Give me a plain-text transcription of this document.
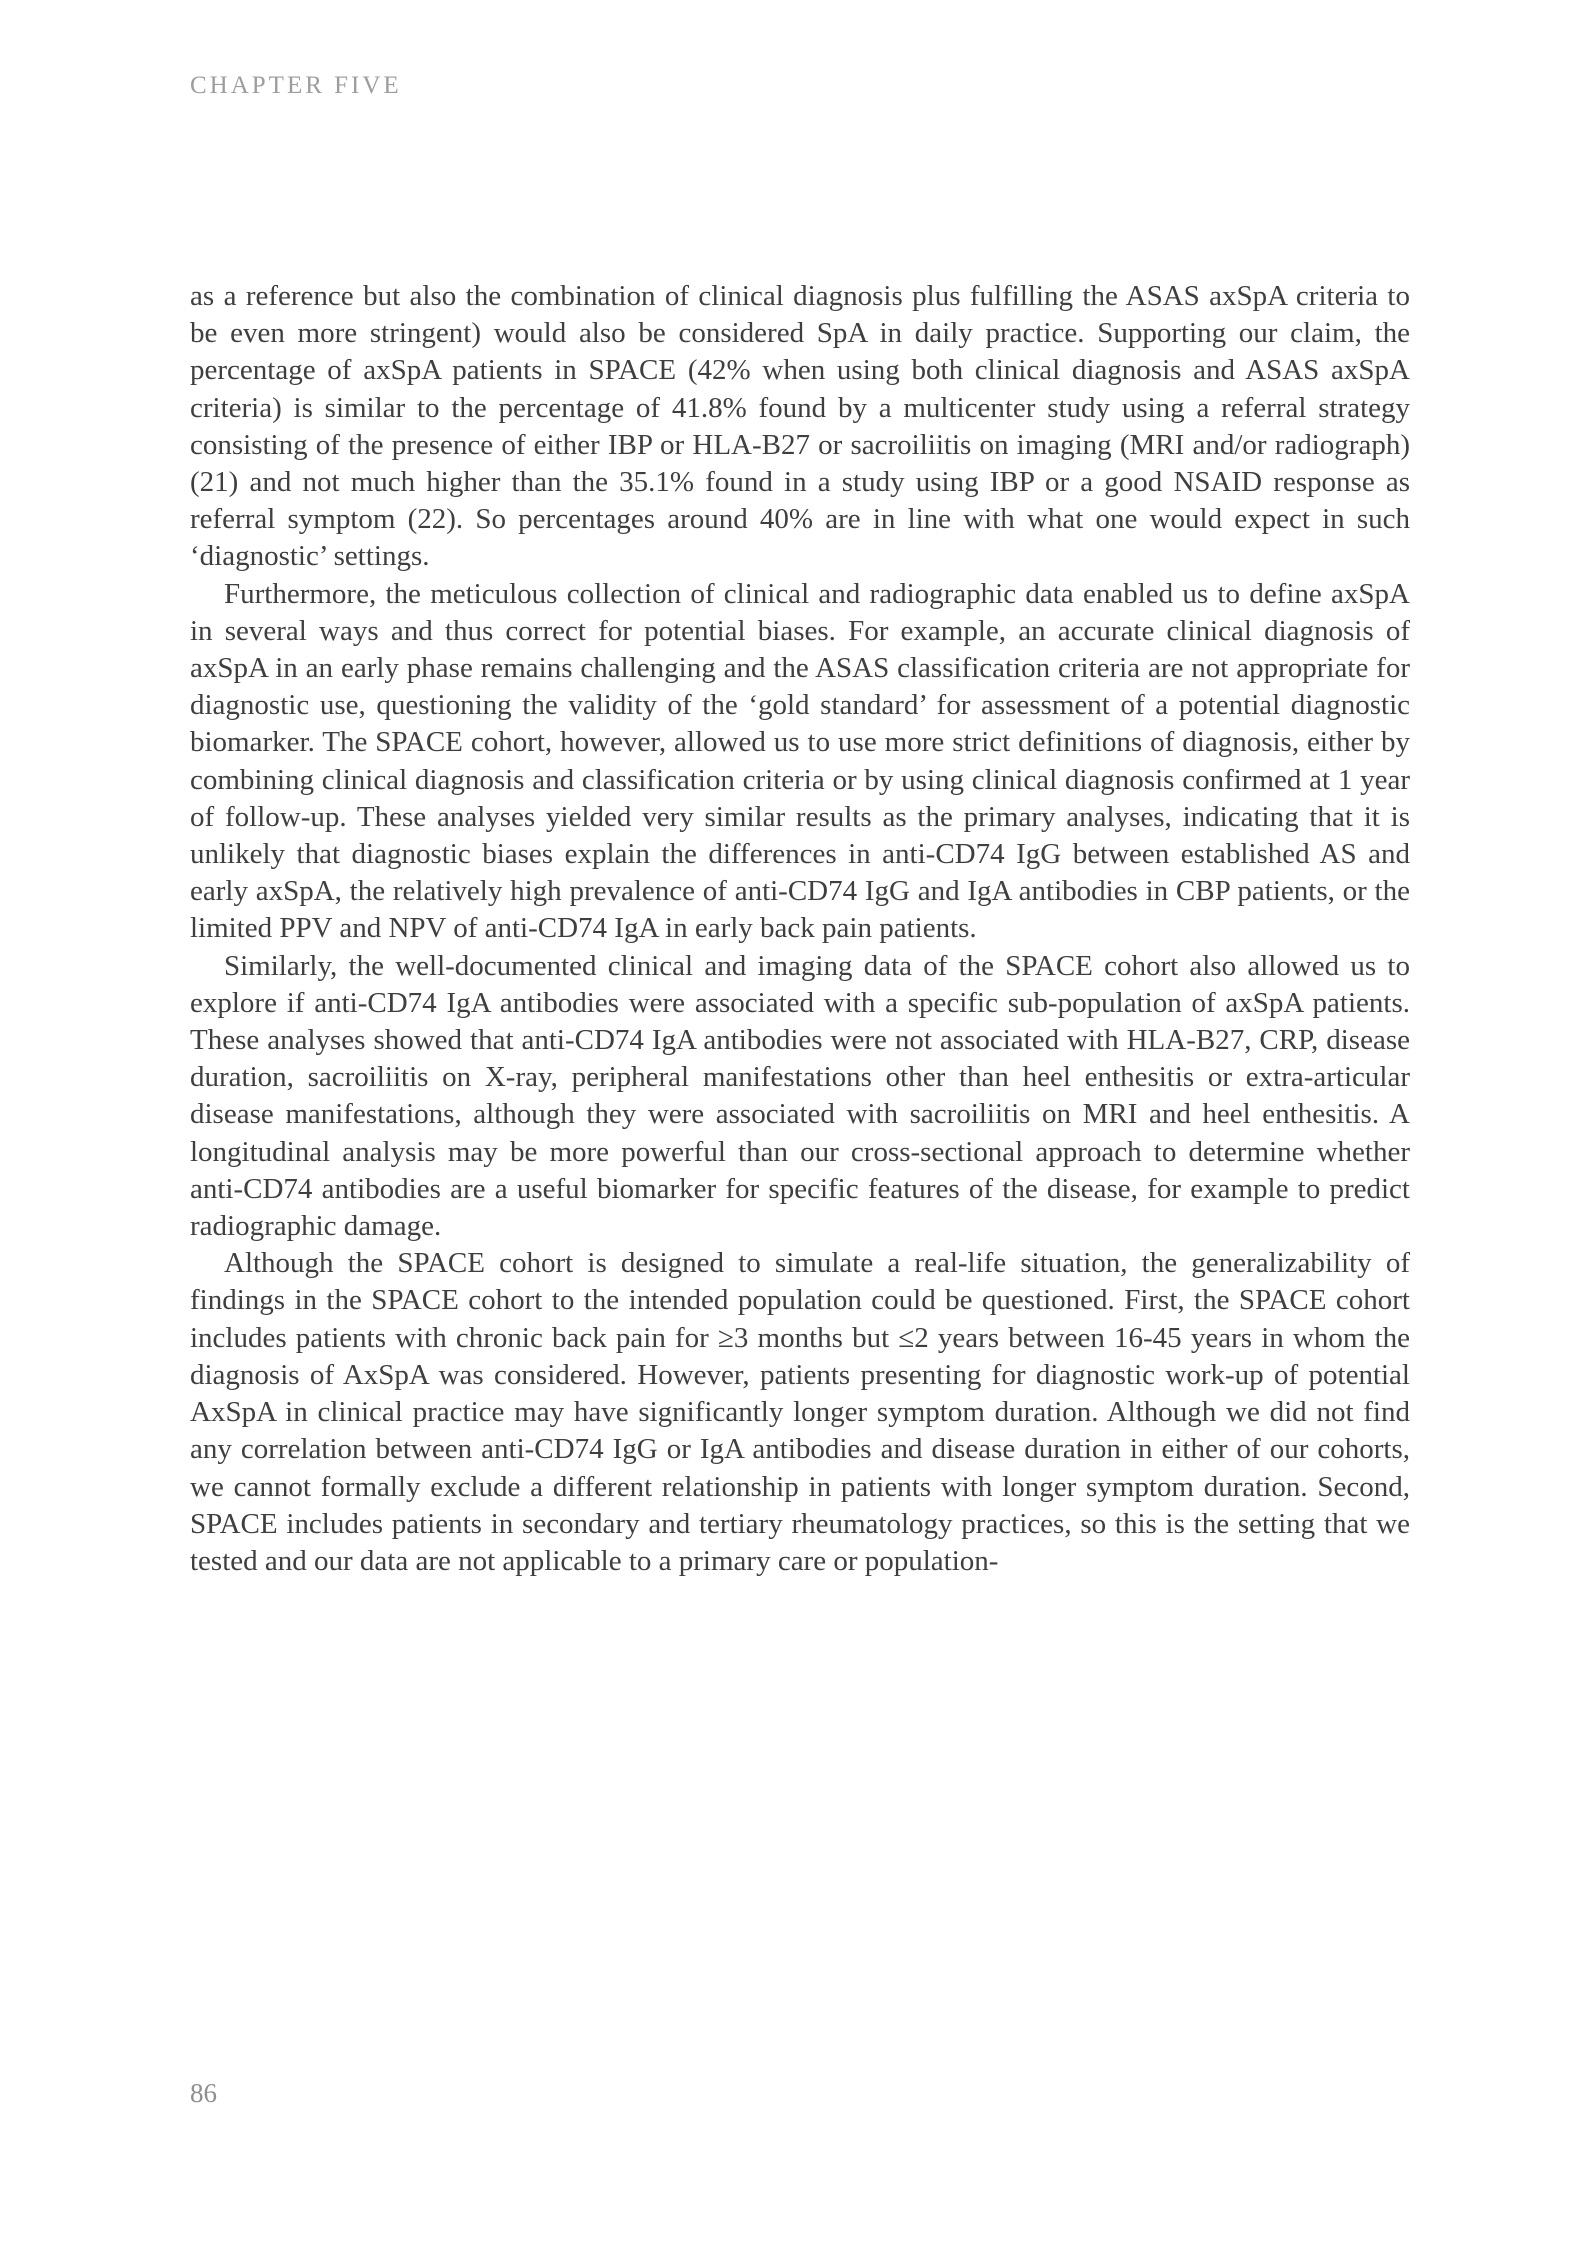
CHAPTER FIVE

as a reference but also the combination of clinical diagnosis plus fulfilling the ASAS axSpA criteria to be even more stringent) would also be considered SpA in daily practice. Supporting our claim, the percentage of axSpA patients in SPACE (42% when using both clinical diagnosis and ASAS axSpA criteria) is similar to the percentage of 41.8% found by a multicenter study using a referral strategy consisting of the presence of either IBP or HLA-B27 or sacroiliitis on imaging (MRI and/or radiograph) (21) and not much higher than the 35.1% found in a study using IBP or a good NSAID response as referral symptom (22). So percentages around 40% are in line with what one would expect in such ‘diagnostic’ settings.

Furthermore, the meticulous collection of clinical and radiographic data enabled us to define axSpA in several ways and thus correct for potential biases. For example, an accurate clinical diagnosis of axSpA in an early phase remains challenging and the ASAS classification criteria are not appropriate for diagnostic use, questioning the validity of the ‘gold standard’ for assessment of a potential diagnostic biomarker. The SPACE cohort, however, allowed us to use more strict definitions of diagnosis, either by combining clinical diagnosis and classification criteria or by using clinical diagnosis confirmed at 1 year of follow-up. These analyses yielded very similar results as the primary analyses, indicating that it is unlikely that diagnostic biases explain the differences in anti-CD74 IgG between established AS and early axSpA, the relatively high prevalence of anti-CD74 IgG and IgA antibodies in CBP patients, or the limited PPV and NPV of anti-CD74 IgA in early back pain patients.

Similarly, the well-documented clinical and imaging data of the SPACE cohort also allowed us to explore if anti-CD74 IgA antibodies were associated with a specific sub-population of axSpA patients. These analyses showed that anti-CD74 IgA antibodies were not associated with HLA-B27, CRP, disease duration, sacroiliitis on X-ray, peripheral manifestations other than heel enthesitis or extra-articular disease manifestations, although they were associated with sacroiliitis on MRI and heel enthesitis. A longitudinal analysis may be more powerful than our cross-sectional approach to determine whether anti-CD74 antibodies are a useful biomarker for specific features of the disease, for example to predict radiographic damage.

Although the SPACE cohort is designed to simulate a real-life situation, the generalizability of findings in the SPACE cohort to the intended population could be questioned. First, the SPACE cohort includes patients with chronic back pain for ≥3 months but ≤2 years between 16-45 years in whom the diagnosis of AxSpA was considered. However, patients presenting for diagnostic work-up of potential AxSpA in clinical practice may have significantly longer symptom duration. Although we did not find any correlation between anti-CD74 IgG or IgA antibodies and disease duration in either of our cohorts, we cannot formally exclude a different relationship in patients with longer symptom duration. Second, SPACE includes patients in secondary and tertiary rheumatology practices, so this is the setting that we tested and our data are not applicable to a primary care or population-

86
